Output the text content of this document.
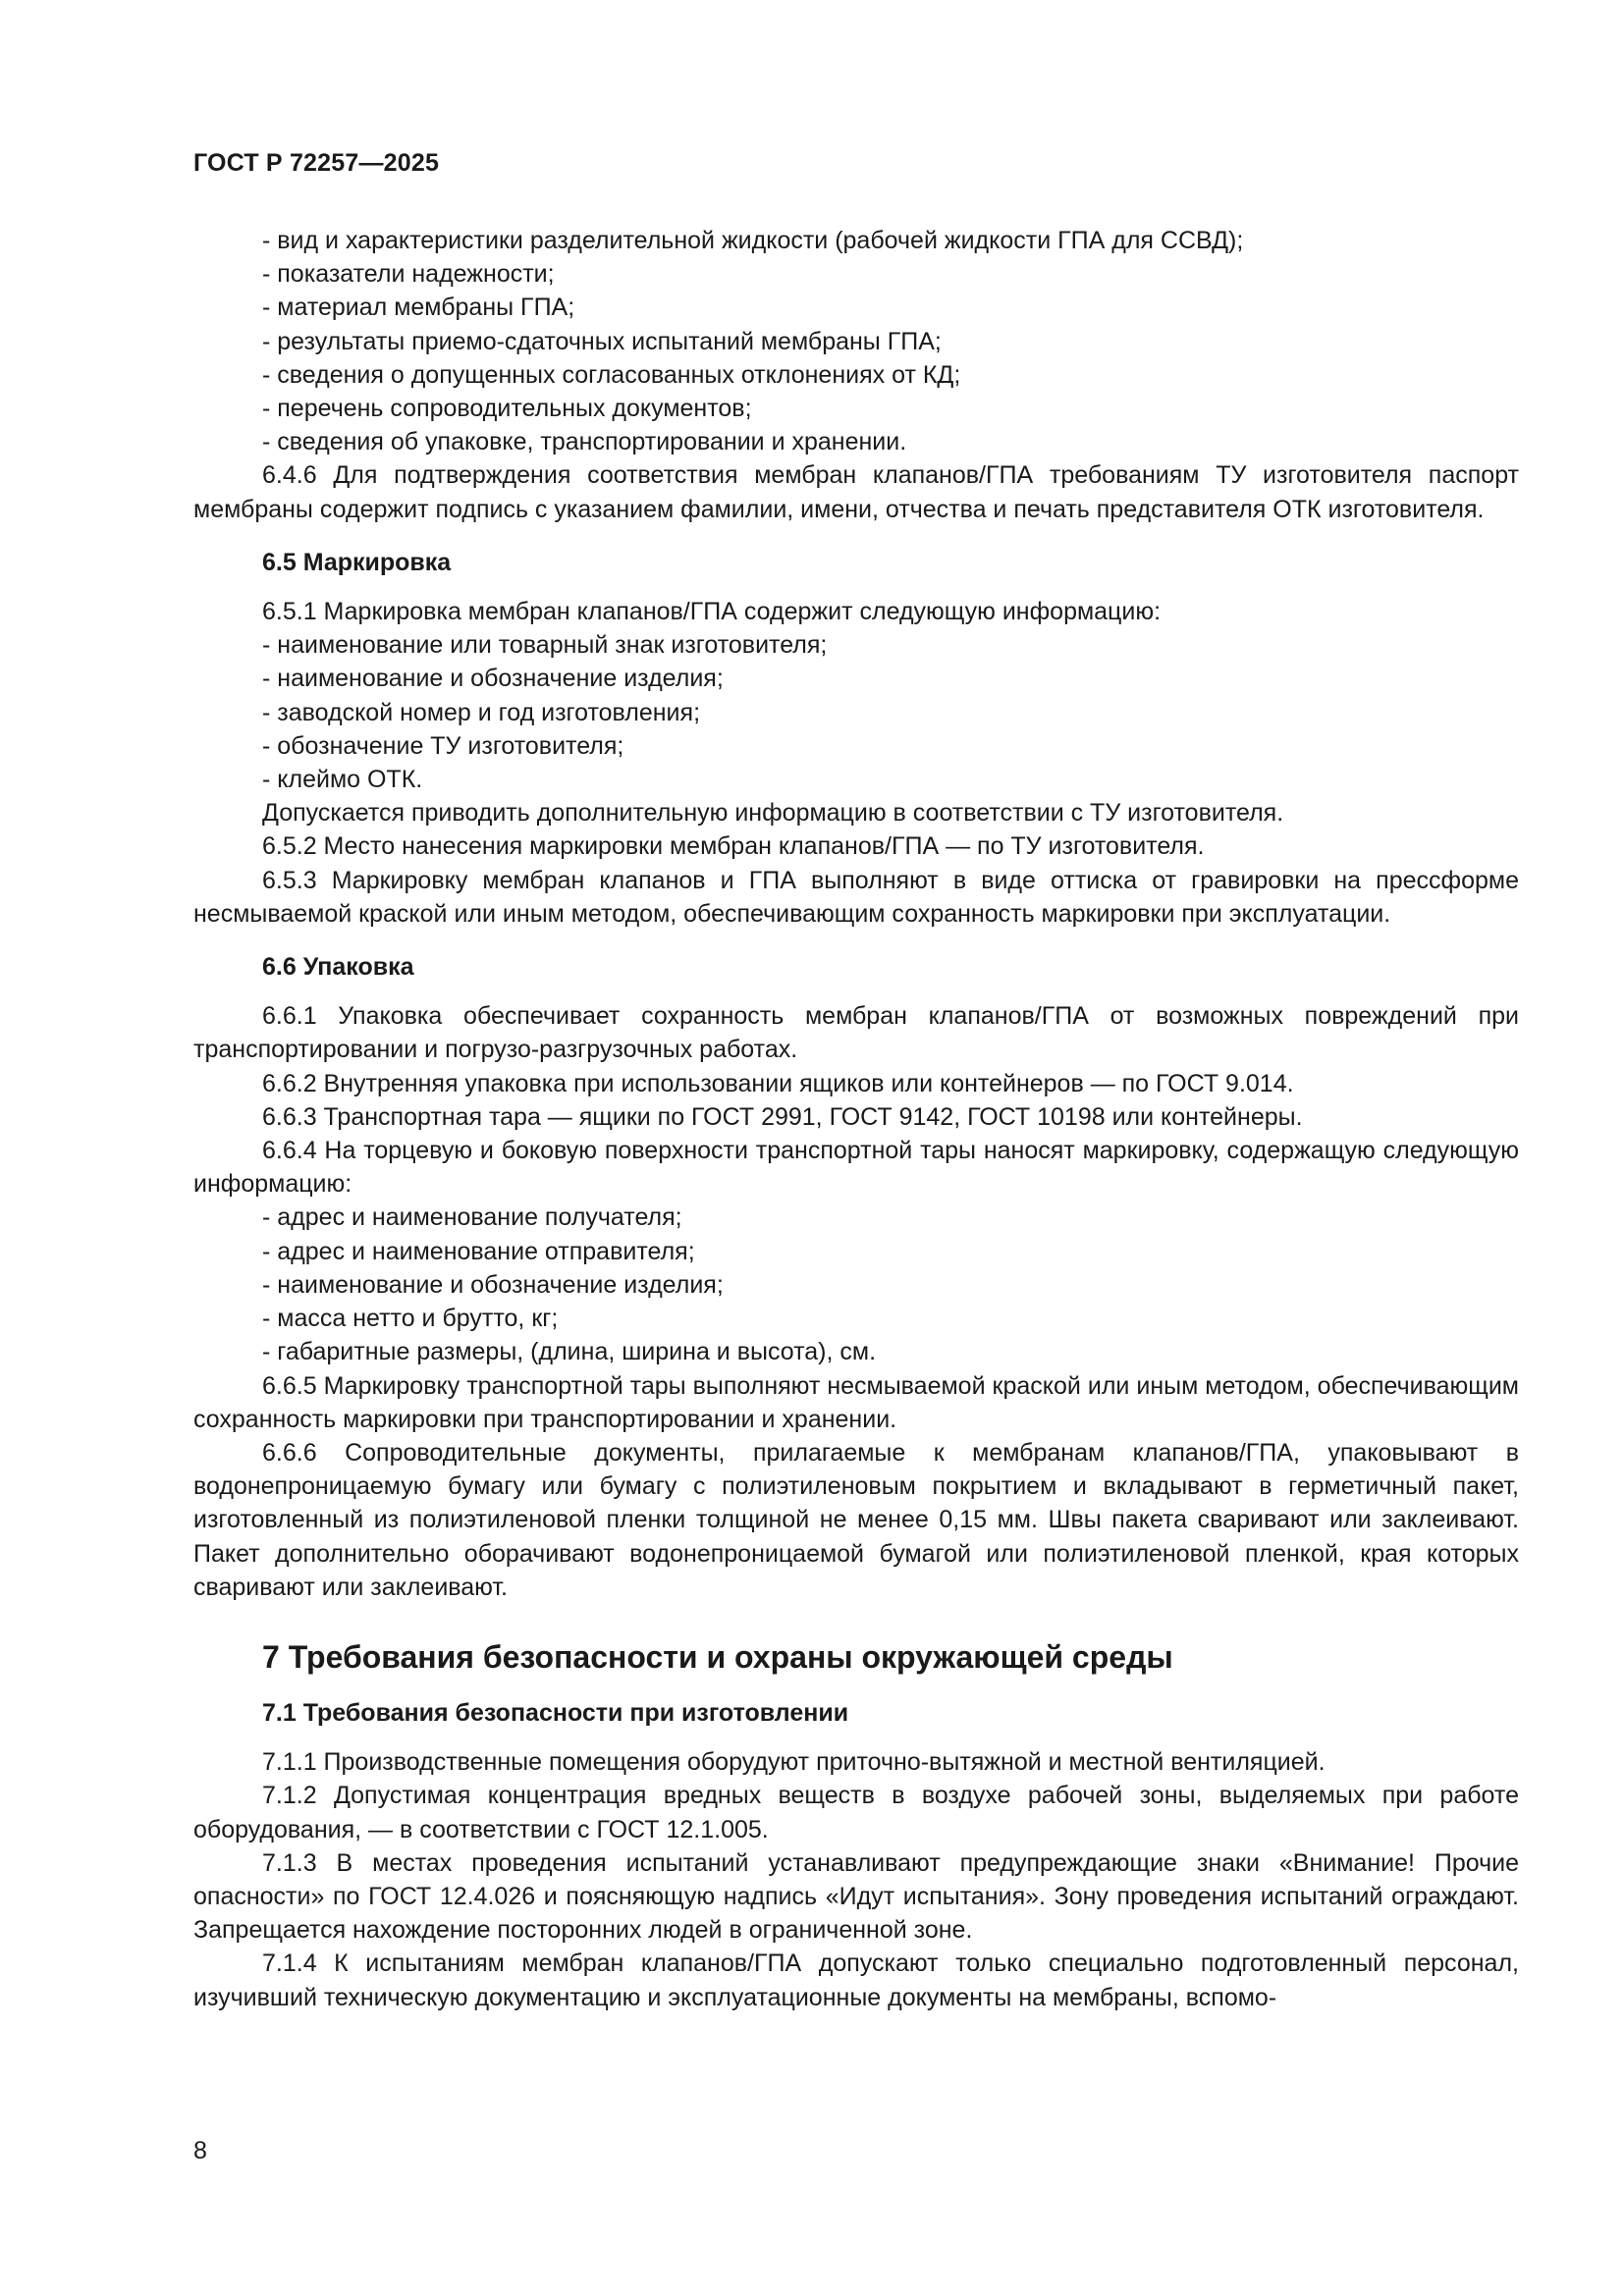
ГОСТ Р 72257—2025

- вид и характеристики разделительной жидкости (рабочей жидкости ГПА для ССВД);

- показатели надежности;

- материал мембраны ГПА;

- результаты приемо-сдаточных испытаний мембраны ГПА;

- сведения о допущенных согласованных отклонениях от КД;

- перечень сопроводительных документов;

- сведения об упаковке, транспортировании и хранении.

6.4.6 Для подтверждения соответствия мембран клапанов/ГПА требованиям ТУ изготовителя паспорт мембраны содержит подпись с указанием фамилии, имени, отчества и печать представителя ОТК изготовителя.

6.5 Маркировка

6.5.1 Маркировка мембран клапанов/ГПА содержит следующую информацию:

- наименование или товарный знак изготовителя;

- наименование и обозначение изделия;

- заводской номер и год изготовления;

- обозначение ТУ изготовителя;

- клеймо ОТК.

Допускается приводить дополнительную информацию в соответствии с ТУ изготовителя.

6.5.2 Место нанесения маркировки мембран клапанов/ГПА — по ТУ изготовителя.

6.5.3 Маркировку мембран клапанов и ГПА выполняют в виде оттиска от гравировки на прессформе несмываемой краской или иным методом, обеспечивающим сохранность маркировки при эксплуатации.

6.6 Упаковка

6.6.1 Упаковка обеспечивает сохранность мембран клапанов/ГПА от возможных повреждений при транспортировании и погрузо-разгрузочных работах.

6.6.2 Внутренняя упаковка при использовании ящиков или контейнеров — по ГОСТ 9.014.

6.6.3 Транспортная тара — ящики по ГОСТ 2991, ГОСТ 9142, ГОСТ 10198 или контейнеры.

6.6.4 На торцевую и боковую поверхности транспортной тары наносят маркировку, содержащую следующую информацию:

- адрес и наименование получателя;

- адрес и наименование отправителя;

- наименование и обозначение изделия;

- масса нетто и брутто, кг;

- габаритные размеры, (длина, ширина и высота), см.

6.6.5 Маркировку транспортной тары выполняют несмываемой краской или иным методом, обеспечивающим сохранность маркировки при транспортировании и хранении.

6.6.6 Сопроводительные документы, прилагаемые к мембранам клапанов/ГПА, упаковывают в водонепроницаемую бумагу или бумагу с полиэтиленовым покрытием и вкладывают в герметичный пакет, изготовленный из полиэтиленовой пленки толщиной не менее 0,15 мм. Швы пакета сваривают или заклеивают. Пакет дополнительно оборачивают водонепроницаемой бумагой или полиэтиленовой пленкой, края которых сваривают или заклеивают.

7 Требования безопасности и охраны окружающей среды

7.1 Требования безопасности при изготовлении

7.1.1 Производственные помещения оборудуют приточно-вытяжной и местной вентиляцией.

7.1.2 Допустимая концентрация вредных веществ в воздухе рабочей зоны, выделяемых при работе оборудования, — в соответствии с ГОСТ 12.1.005.

7.1.3 В местах проведения испытаний устанавливают предупреждающие знаки «Внимание! Прочие опасности» по ГОСТ 12.4.026 и поясняющую надпись «Идут испытания». Зону проведения испытаний ограждают. Запрещается нахождение посторонних людей в ограниченной зоне.

7.1.4 К испытаниям мембран клапанов/ГПА допускают только специально подготовленный персонал, изучивший техническую документацию и эксплуатационные документы на мембраны, вспомо-

8
